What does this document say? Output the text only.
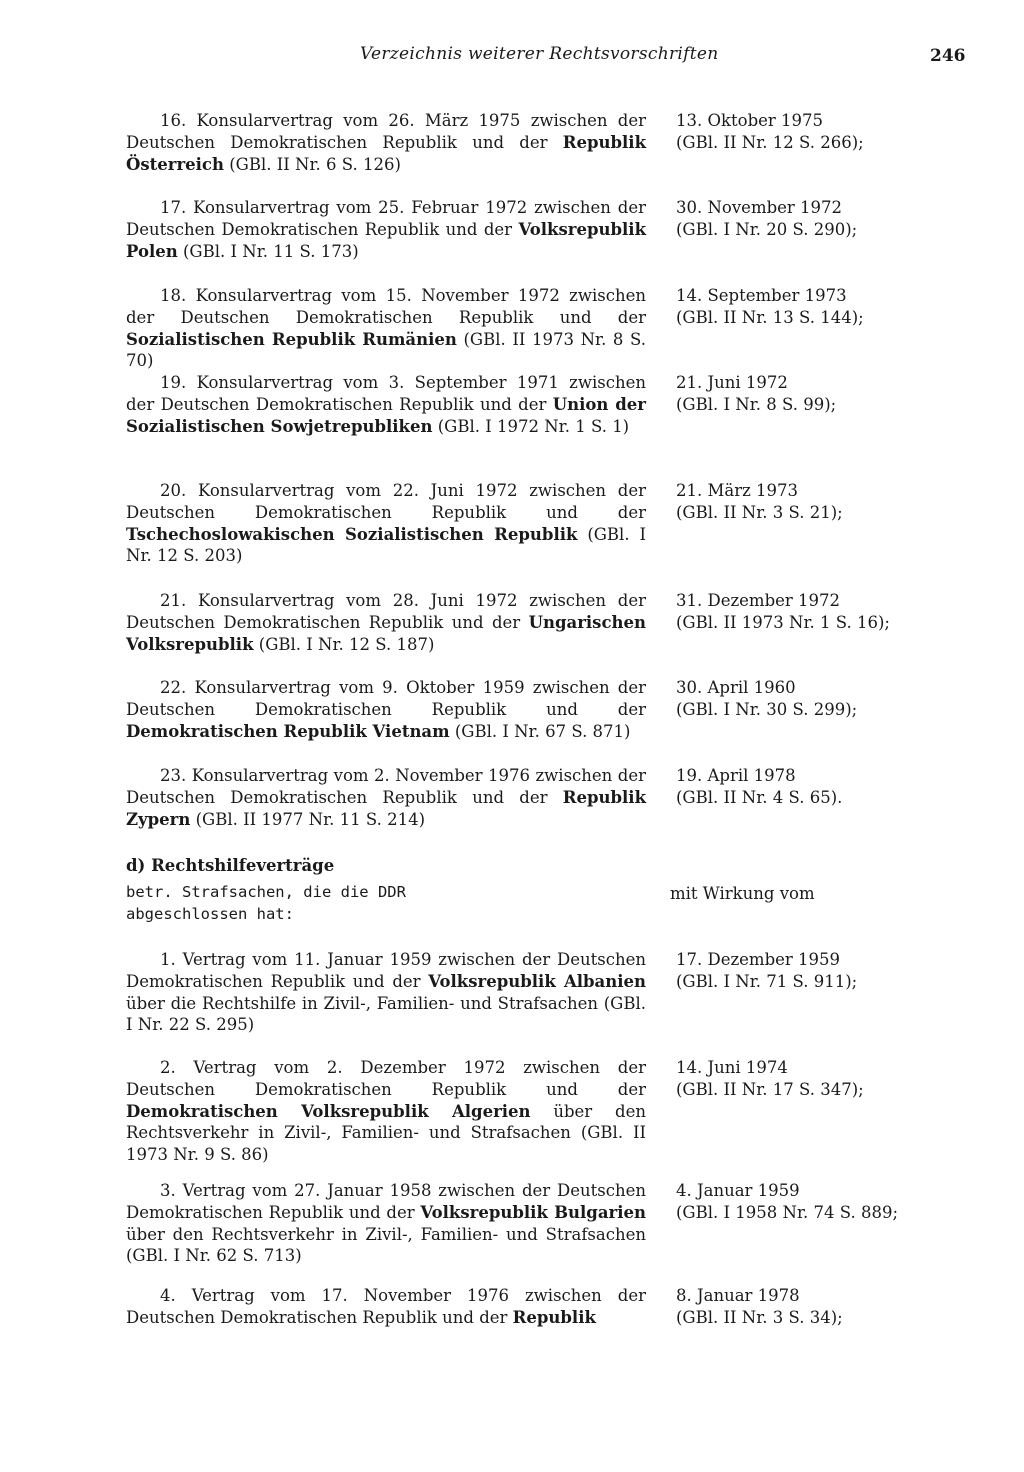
Verzeichnis weiterer Rechtsvorschriften	246
16. Konsularvertrag vom 26. März 1975 zwischen der Deutschen Demokratischen Republik und der Republik Österreich (GBl. II Nr. 6 S. 126)
13. Oktober 1975
(GBl. II Nr. 12 S. 266);
17. Konsularvertrag vom 25. Februar 1972 zwischen der Deutschen Demokratischen Republik und der Volksrepublik Polen (GBl. I Nr. 11 S. 173)
30. November 1972
(GBl. I Nr. 20 S. 290);
18. Konsularvertrag vom 15. November 1972 zwischen der Deutschen Demokratischen Republik und der Sozialistischen Republik Rumänien (GBl. II 1973 Nr. 8 S. 70)
14. September 1973
(GBl. II Nr. 13 S. 144);
19. Konsularvertrag vom 3. September 1971 zwischen der Deutschen Demokratischen Republik und der Union der Sozialistischen Sowjetrepubliken (GBl. I 1972 Nr. 1 S. 1)
21. Juni 1972
(GBl. I Nr. 8 S. 99);
20. Konsularvertrag vom 22. Juni 1972 zwischen der Deutschen Demokratischen Republik und der Tschechoslowakischen Sozialistischen Republik (GBl. I Nr. 12 S. 203)
21. März 1973
(GBl. II Nr. 3 S. 21);
21. Konsularvertrag vom 28. Juni 1972 zwischen der Deutschen Demokratischen Republik und der Ungarischen Volksrepublik (GBl. I Nr. 12 S. 187)
31. Dezember 1972
(GBl. II 1973 Nr. 1 S. 16);
22. Konsularvertrag vom 9. Oktober 1959 zwischen der Deutschen Demokratischen Republik und der Demokratischen Republik Vietnam (GBl. I Nr. 67 S. 871)
30. April 1960
(GBl. I Nr. 30 S. 299);
23. Konsularvertrag vom 2. November 1976 zwischen der Deutschen Demokratischen Republik und der Republik Zypern (GBl. II 1977 Nr. 11 S. 214)
19. April 1978
(GBl. II Nr. 4 S. 65).
d) Rechtshilfeverträge
betr. Strafsachen, die die DDR abgeschlossen hat:
mit Wirkung vom
1. Vertrag vom 11. Januar 1959 zwischen der Deutschen Demokratischen Republik und der Volksrepublik Albanien über die Rechtshilfe in Zivil-, Familien- und Strafsachen (GBl. I Nr. 22 S. 295)
17. Dezember 1959
(GBl. I Nr. 71 S. 911);
2. Vertrag vom 2. Dezember 1972 zwischen der Deutschen Demokratischen Republik und der Demokratischen Volksrepublik Algerien über den Rechtsverkehr in Zivil-, Familien- und Strafsachen (GBl. II 1973 Nr. 9 S. 86)
14. Juni 1974
(GBl. II Nr. 17 S. 347);
3. Vertrag vom 27. Januar 1958 zwischen der Deutschen Demokratischen Republik und der Volksrepublik Bulgarien über den Rechtsverkehr in Zivil-, Familien- und Strafsachen (GBl. I Nr. 62 S. 713)
4. Januar 1959
(GBl. I 1958 Nr. 74 S. 889;
4. Vertrag vom 17. November 1976 zwischen der Deutschen Demokratischen Republik und der Republik
8. Januar 1978
(GBl. II Nr. 3 S. 34);
